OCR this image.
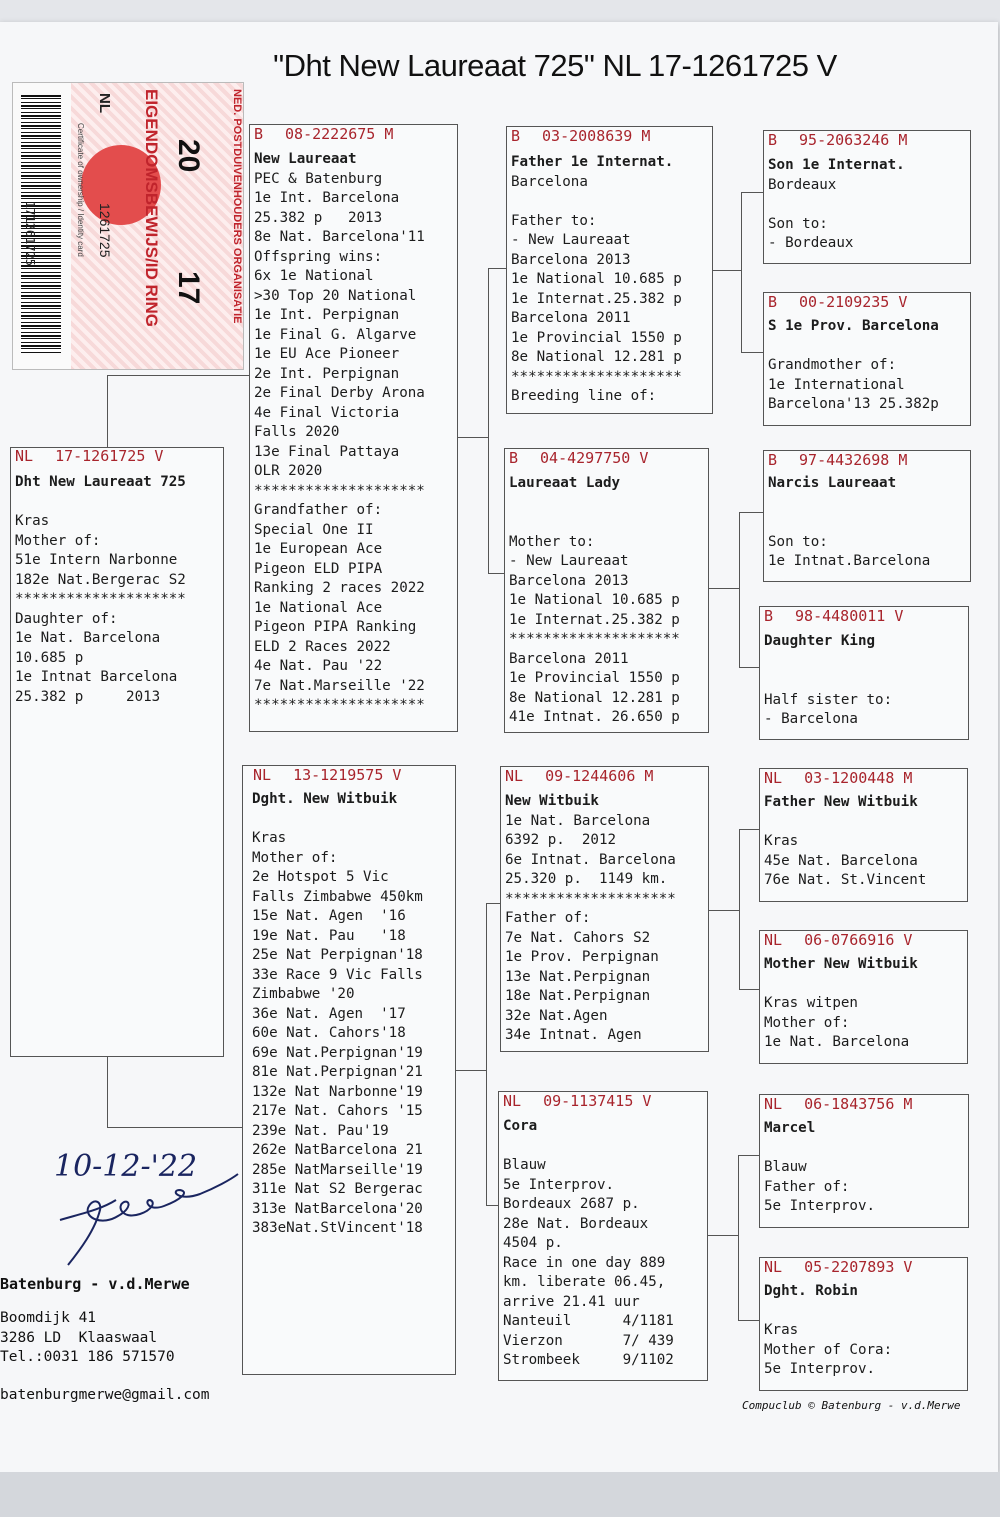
"Dht New Laureaat 725" NL 17-1261725 V
171261725
20
17 NED. POSTDUIVENHOUDERS ORGANISATIE
EIGENDOMSBEWIJS/ID RING
NL
1261725
Certificate of ownership / Identity card
NL 17-1261725 V
Dht New Laureaat 725
Kras
Mother of:
51e Intern Narbonne
182e Nat.Bergerac S2
********************
Daughter of:
1e Nat. Barcelona
10.685 p
1e Intnat Barcelona
25.382 p     2013
B 08-2222675 M
New Laureaat
PEC & Batenburg
1e Int. Barcelona
25.382 p   2013
8e Nat. Barcelona'11
Offspring wins:
6x 1e National
>30 Top 20 National
1e Int. Perpignan
1e Final G. Algarve
1e EU Ace Pioneer
2e Int. Perpignan
2e Final Derby Arona
4e Final Victoria
Falls 2020
13e Final Pattaya
OLR 2020
********************
Grandfather of:
Special One II
1e European Ace
Pigeon ELD PIPA
Ranking 2 races 2022
1e National Ace
Pigeon PIPA Ranking
ELD 2 Races 2022
4e Nat. Pau '22
7e Nat.Marseille '22
********************
NL 13-1219575 V
Dght. New Witbuik
Kras
Mother of:
2e Hotspot 5 Vic
Falls Zimbabwe 450km
15e Nat. Agen  '16
19e Nat. Pau   '18
25e Nat Perpignan'18
33e Race 9 Vic Falls
Zimbabwe '20
36e Nat. Agen  '17
60e Nat. Cahors'18
69e Nat.Perpignan'19
81e Nat.Perpignan'21
132e Nat Narbonne'19
217e Nat. Cahors '15
239e Nat. Pau'19
262e NatBarcelona 21
285e NatMarseille'19
311e Nat S2 Bergerac
313e NatBarcelona'20
383eNat.StVincent'18
B 03-2008639 M
Father 1e Internat.
Barcelona
Father to:
- New Laureaat
Barcelona 2013
1e National 10.685 p
1e Internat.25.382 p
Barcelona 2011
1e Provincial 1550 p
8e National 12.281 p
********************
Breeding line of:
B 04-4297750 V
Laureaat Lady
Mother to:
- New Laureaat
Barcelona 2013
1e National 10.685 p
1e Internat.25.382 p
********************
Barcelona 2011
1e Provincial 1550 p
8e National 12.281 p
41e Intnat. 26.650 p
NL 09-1244606 M
New Witbuik
1e Nat. Barcelona
6392 p.  2012
6e Intnat. Barcelona
25.320 p.  1149 km.
********************
Father of:
7e Nat. Cahors S2
1e Prov. Perpignan
13e Nat.Perpignan
18e Nat.Perpignan
32e Nat.Agen
34e Intnat. Agen
NL 09-1137415 V
Cora
Blauw
5e Interprov.
Bordeaux 2687 p.
28e Nat. Bordeaux
4504 p.
Race in one day 889
km. liberate 06.45,
arrive 21.41 uur
Nanteuil      4/1181
Vierzon       7/ 439
Strombeek     9/1102
B 95-2063246 M
Son 1e Internat.
Bordeaux
Son to:
- Bordeaux
B 00-2109235 V
S 1e Prov. Barcelona
Grandmother of:
1e International
Barcelona'13 25.382p
B 97-4432698 M
Narcis Laureaat
Son to:
1e Intnat.Barcelona
B 98-4480011 V
Daughter King
Half sister to:
- Barcelona
NL 03-1200448 M
Father New Witbuik
Kras
45e Nat. Barcelona
76e Nat. St.Vincent
NL 06-0766916 V
Mother New Witbuik
Kras witpen
Mother of:
1e Nat. Barcelona
NL 06-1843756 M
Marcel
Blauw
Father of:
5e Interprov.
NL 05-2207893 V
Dght. Robin
Kras
Mother of Cora:
5e Interprov.
10-12-'22
Batenburg - v.d.Merwe
Boomdijk 41
3286 LD  Klaaswaal
Tel.:0031 186 571570
batenburgmerwe@gmail.com
Compuclub © Batenburg - v.d.Merwe
